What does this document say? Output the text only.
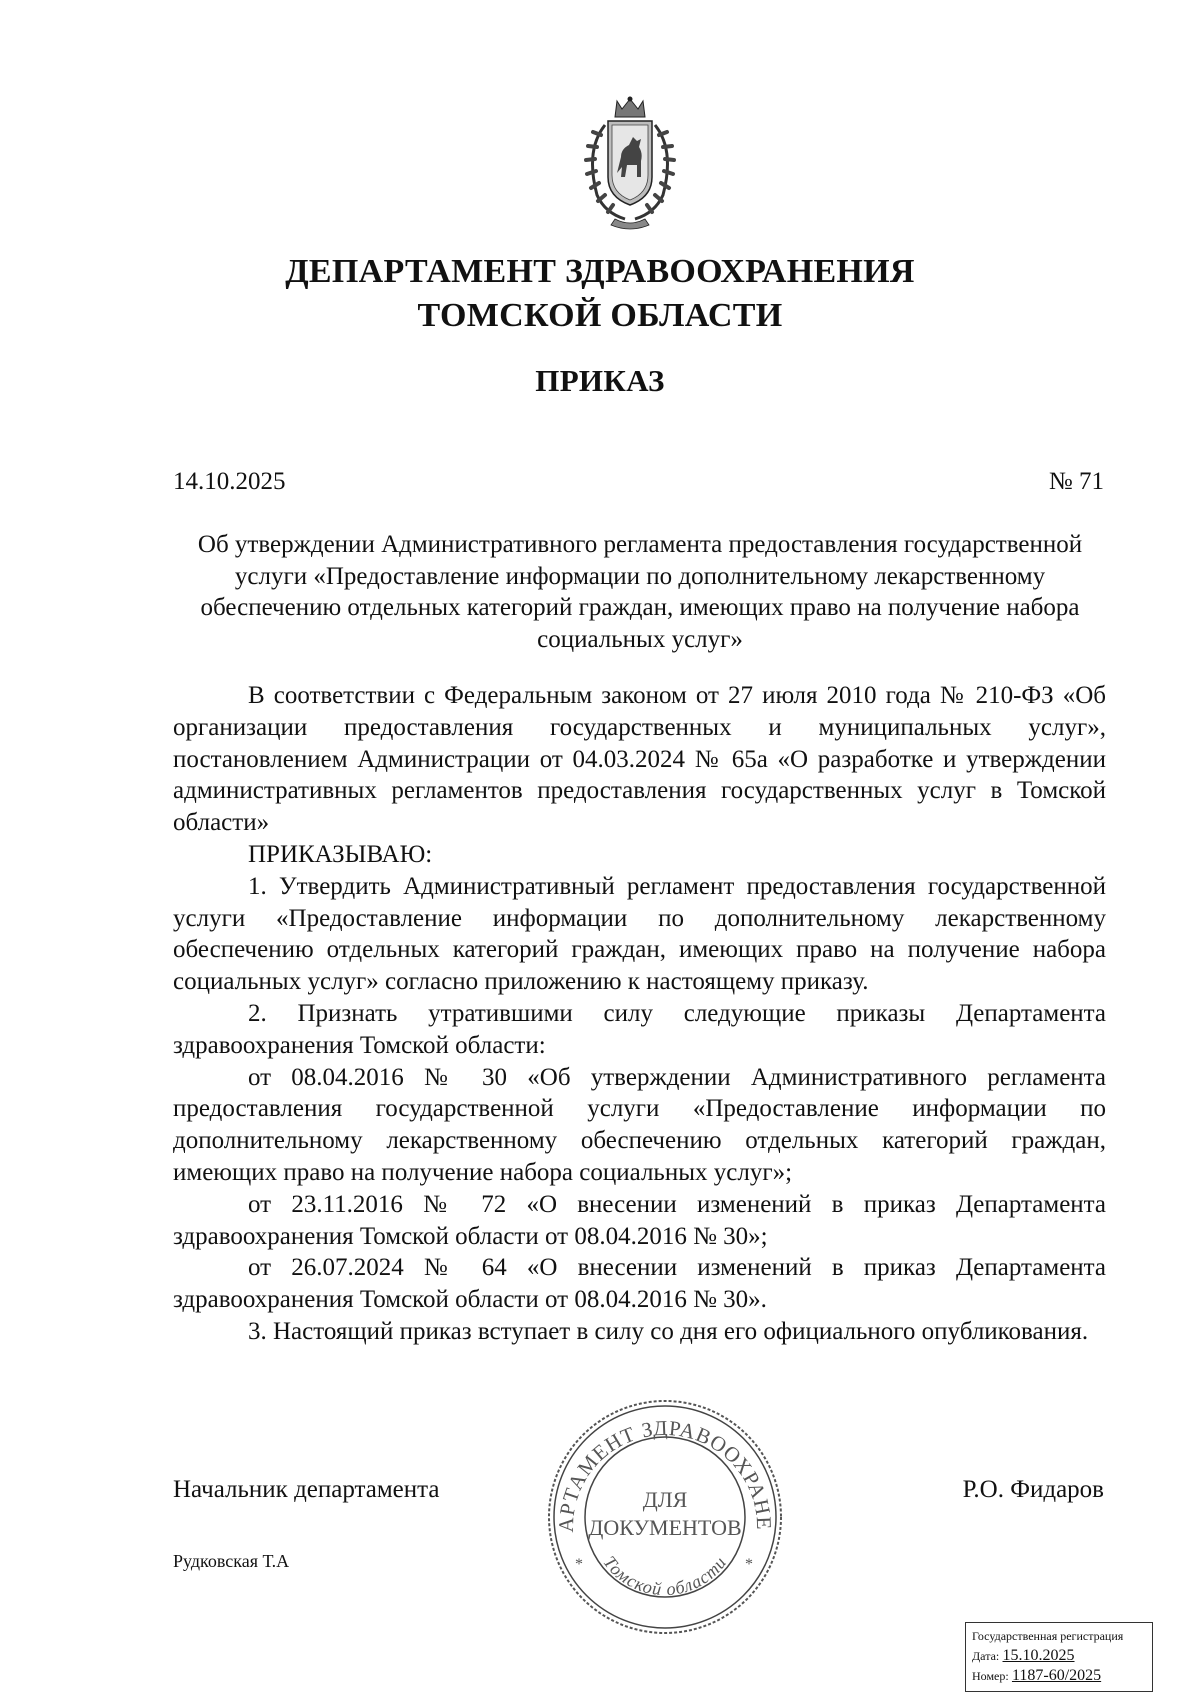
ДЕПАРТАМЕНТ ЗДРАВООХРАНЕНИЯ
ТОМСКОЙ ОБЛАСТИ
ПРИКАЗ
14.10.2025	№ 71
Об утверждении Административного регламента предоставления государственной услуги «Предоставление информации по дополнительному лекарственному обеспечению отдельных категорий граждан, имеющих право на получение набора социальных услуг»

В соответствии с Федеральным законом от 27 июля 2010 года № 210-ФЗ «Об организации предоставления государственных и муниципальных услуг», постановлением Администрации от 04.03.2024 № 65а «О разработке и утверждении административных регламентов предоставления государственных услуг в Томской области»

ПРИКАЗЫВАЮ:

1. Утвердить Административный регламент предоставления государственной услуги «Предоставление информации по дополнительному лекарственному обеспечению отдельных категорий граждан, имеющих право на получение набора социальных услуг» согласно приложению к настоящему приказу.

2. Признать утратившими силу следующие приказы Департамента здравоохранения Томской области:

от 08.04.2016 № 30 «Об утверждении Административного регламента предоставления государственной услуги «Предоставление информации по дополнительному лекарственному обеспечению отдельных категорий граждан, имеющих право на получение набора социальных услуг»;

от 23.11.2016 № 72 «О внесении изменений в приказ Департамента здравоохранения Томской области от 08.04.2016 № 30»;

от 26.07.2024 № 64 «О внесении изменений в приказ Департамента здравоохранения Томской области от 08.04.2016 № 30».

3. Настоящий приказ вступает в силу со дня его официального опубликования.

Начальник департамента	Р.О. Фидаров
Рудковская Т.А
АРТАМЕНТ ЗДРАВООХРАНЕ
Томской области
*	*
ДЛЯ
ДОКУМЕНТОВ
Государственная регистрация
Дата: 15.10.2025
Номер: 1187-60/2025
